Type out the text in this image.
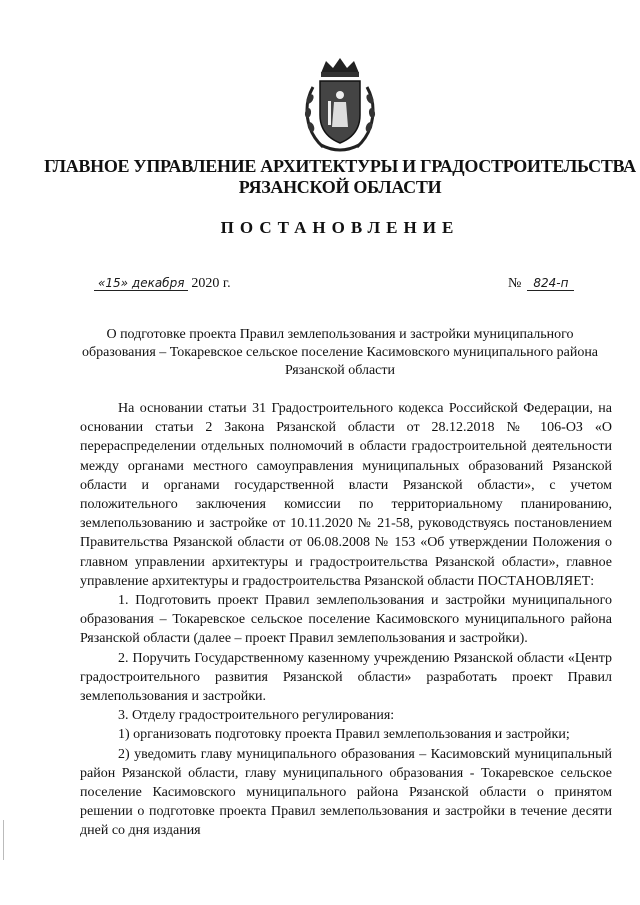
ГЛАВНОЕ УПРАВЛЕНИЕ АРХИТЕКТУРЫ И ГРАДОСТРОИТЕЛЬСТВА
РЯЗАНСКОЙ ОБЛАСТИ
ПОСТАНОВЛЕНИЕ
«15» декабря 2020 г.	№ 824-п
О подготовке проекта Правил землепользования и застройки муниципального образования – Токаревское сельское поселение Касимовского муниципального района Рязанской области

На основании статьи 31 Градостроительного кодекса Российской Федерации, на основании статьи 2 Закона Рязанской области от 28.12.2018 № 106-ОЗ «О перераспределении отдельных полномочий в области градостроительной деятельности между органами местного самоуправления муниципальных образований Рязанской области и органами государственной власти Рязанской области», с учетом положительного заключения комиссии по территориальному планированию, землепользованию и застройке от 10.11.2020 № 21-58, руководствуясь постановлением Правительства Рязанской области от 06.08.2008 № 153 «Об утверждении Положения о главном управлении архитектуры и градостроительства Рязанской области», главное управление архитектуры и градостроительства Рязанской области ПОСТАНОВЛЯЕТ:

1. Подготовить проект Правил землепользования и застройки муниципального образования – Токаревское сельское поселение Касимовского муниципального района Рязанской области (далее – проект Правил землепользования и застройки).

2. Поручить Государственному казенному учреждению Рязанской области «Центр градостроительного развития Рязанской области» разработать проект Правил землепользования и застройки.

3. Отделу градостроительного регулирования:

1) организовать подготовку проекта Правил землепользования и застройки;

2) уведомить главу муниципального образования – Касимовский муниципальный район Рязанской области, главу муниципального образования - Токаревское сельское поселение Касимовского муниципального района Рязанской области о принятом решении о подготовке проекта Правил землепользования и застройки в течение десяти дней со дня издания
